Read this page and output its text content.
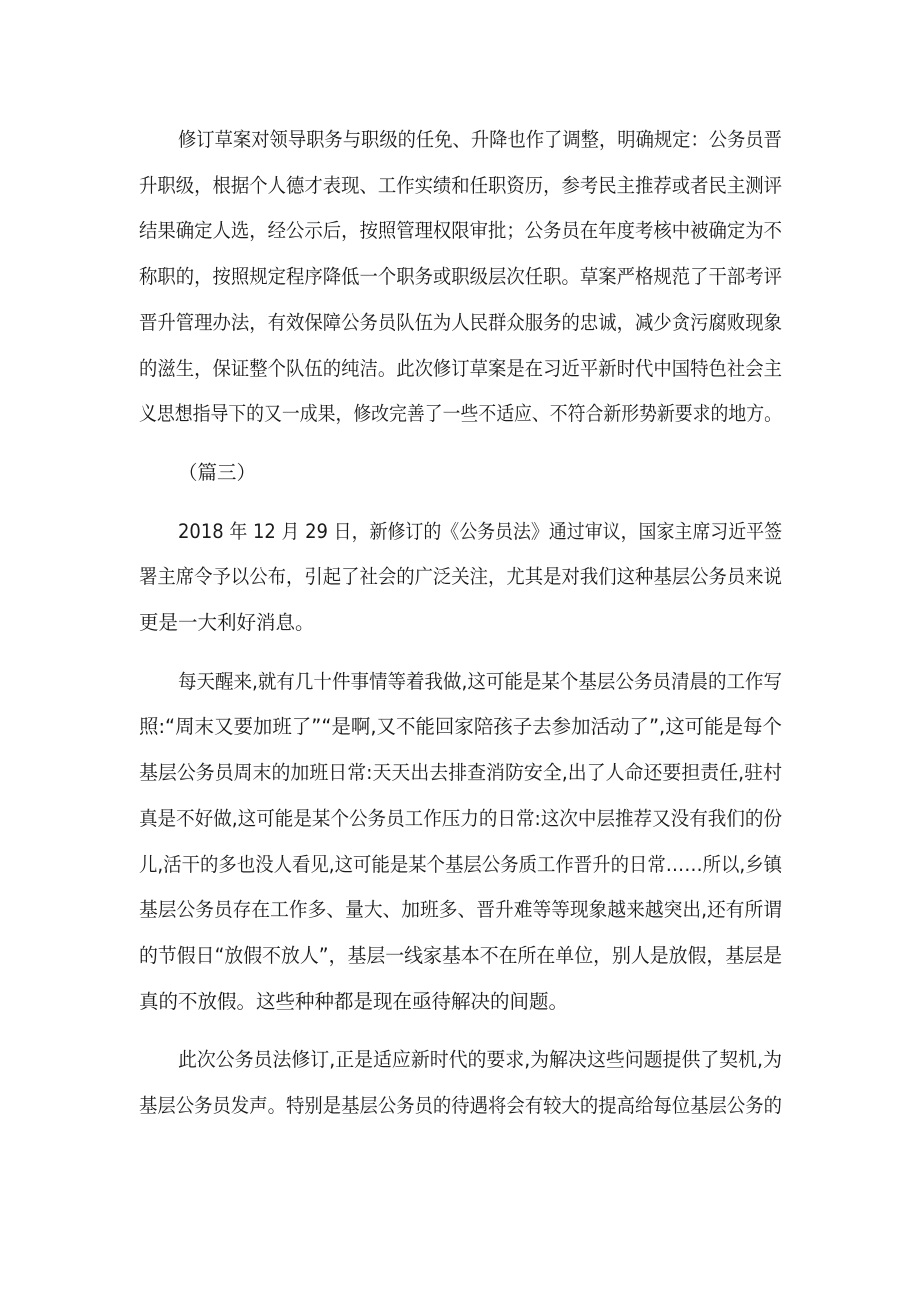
修订草案对领导职务与职级的任免、升降也作了调整，明确规定：公务员晋
升职级，根据个人德才表现、工作实绩和任职资历，参考民主推荐或者民主测评
结果确定人选，经公示后，按照管理权限审批；公务员在年度考核中被确定为不
称职的，按照规定程序降低一个职务或职级层次任职。草案严格规范了干部考评
晋升管理办法，有效保障公务员队伍为人民群众服务的忠诚，减少贪污腐败现象
的滋生，保证整个队伍的纯洁。此次修订草案是在习近平新时代中国特色社会主
义思想指导下的又一成果，修改完善了一些不适应、不符合新形势新要求的地方。

（篇三）

2018 年 12 月 29 日，新修订的《公务员法》通过审议，国家主席习近平签
署主席令予以公布，引起了社会的广泛关注，尤其是对我们这种基层公务员来说
更是一大利好消息。

每天醒来,就有几十件事情等着我做,这可能是某个基层公务员清晨的工作写
照:“周末又要加班了”“是啊,又不能回家陪孩子去参加活动了”,这可能是每个
基层公务员周末的加班日常:天天出去排查消防安全,出了人命还要担责任,驻村
真是不好做,这可能是某个公务员工作压力的日常:这次中层推荐又没有我们的份
儿,活干的多也没人看见,这可能是某个基层公务质工作晋升的日常……所以,乡镇
基层公务员存在工作多、量大、加班多、晋升难等等现象越来越突出,还有所谓
的节假日“放假不放人”，基层一线家基本不在所在单位，别人是放假，基层是
真的不放假。这些种种都是现在亟待解决的间题。

此次公务员法修订,正是适应新时代的要求,为解决这些问题提供了契机,为
基层公务员发声。特别是基层公务员的待遇将会有较大的提高给每位基层公务的
